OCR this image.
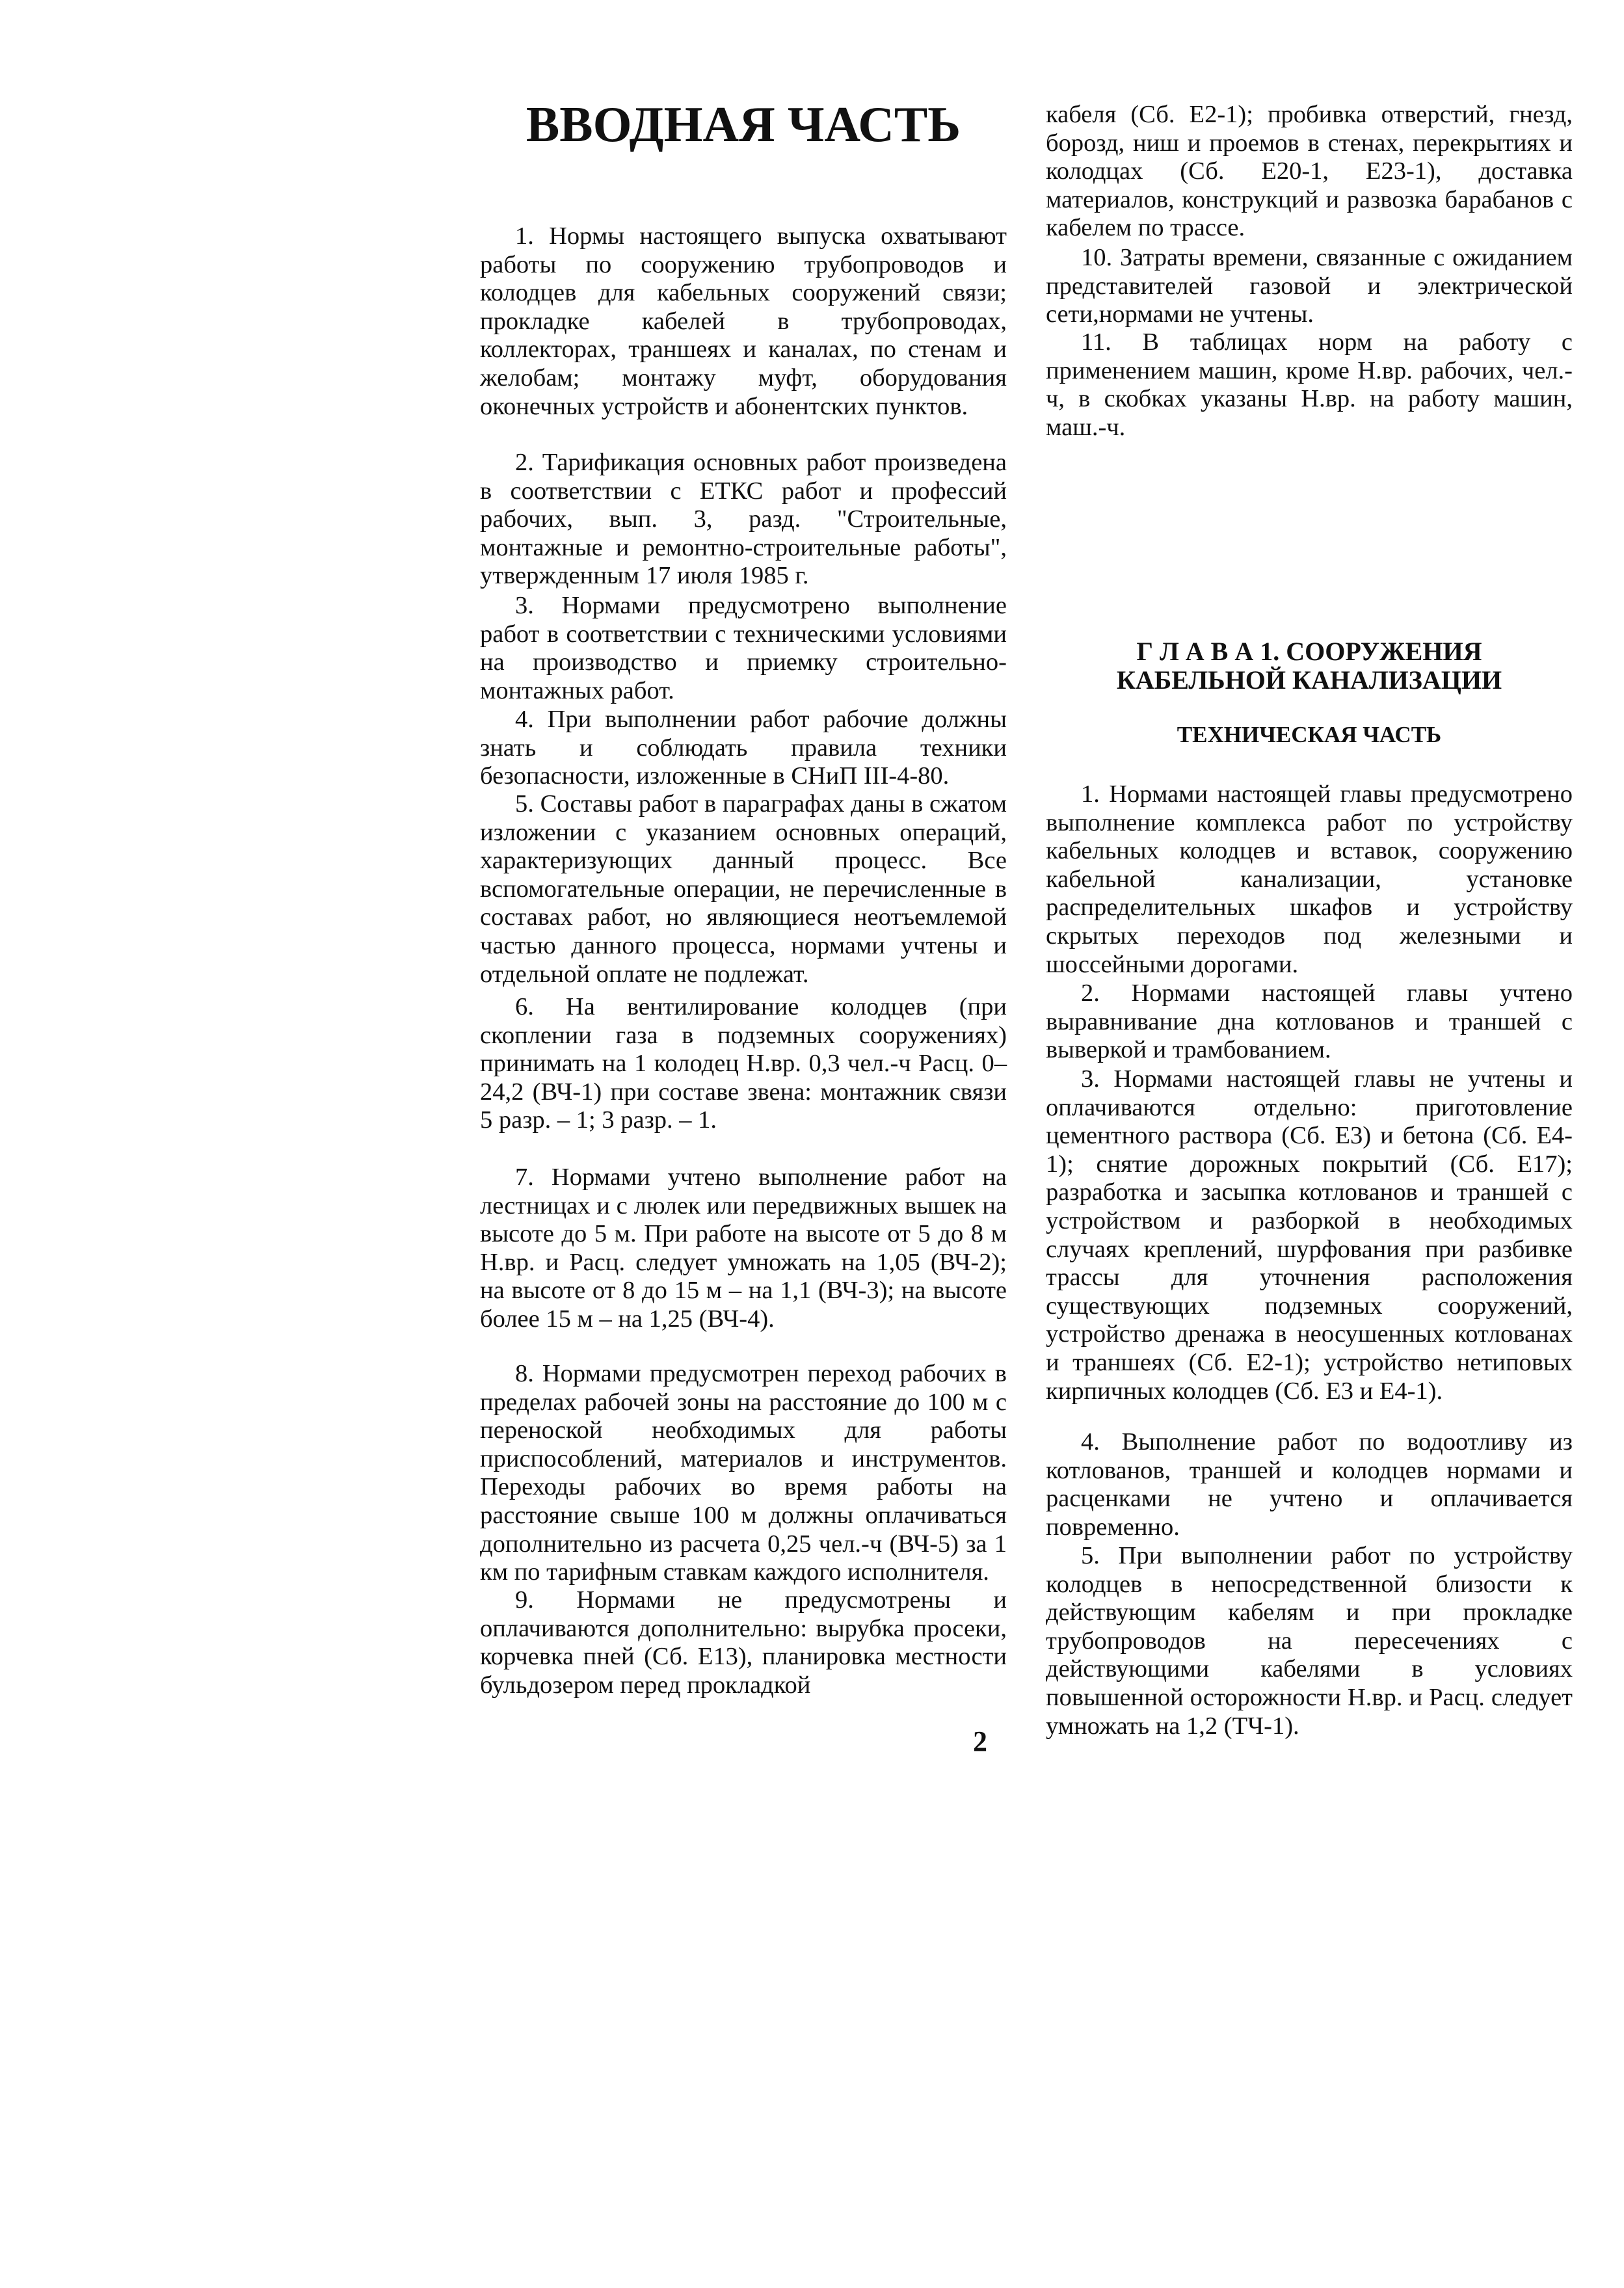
ВВОДНАЯ ЧАСТЬ

1. Нормы настоящего выпуска охватывают работы по сооружению трубопроводов и колодцев для кабельных сооружений связи; прокладке кабелей в трубопроводах, коллекторах, траншеях и каналах, по стенам и желобам; монтажу муфт, оборудования оконечных устройств и абонентских пунктов.

2. Тарификация основных работ произведена в соответствии с ЕТКС работ и профессий рабочих, вып. 3, разд. "Строительные, монтажные и ремонтно-строительные работы", утвержденным 17 июля 1985 г.

3. Нормами предусмотрено выполнение работ в соответствии с техническими условиями на производство и приемку строительно-монтажных работ.

4. При выполнении работ рабочие должны знать и соблюдать правила техники безопасности, изложенные в СНиП III-4-80.

5. Составы работ в параграфах даны в сжатом изложении с указанием основных операций, характеризующих данный процесс. Все вспомогательные операции, не перечисленные в составах работ, но являющиеся неотъемлемой частью данного процесса, нормами учтены и отдельной оплате не подлежат.

6. На вентилирование колодцев (при скоплении газа в подземных сооружениях) принимать на 1 колодец Н.вр. 0,3 чел.-ч Расц. 0–24,2 (ВЧ-1) при составе звена: монтажник связи 5 разр. – 1; 3 разр. – 1.

7. Нормами учтено выполнение работ на лестницах и с люлек или передвижных вышек на высоте до 5 м. При работе на высоте от 5 до 8 м Н.вр. и Расц. следует умножать на 1,05 (ВЧ-2); на высоте от 8 до 15 м – на 1,1 (ВЧ-3); на высоте более 15 м – на 1,25 (ВЧ-4).

8. Нормами предусмотрен переход рабочих в пределах рабочей зоны на расстояние до 100 м с переноской необходимых для работы приспособлений, материалов и инструментов. Переходы рабочих во время работы на расстояние свыше 100 м должны оплачиваться дополнительно из расчета 0,25 чел.-ч (ВЧ-5) за 1 км по тарифным ставкам каждого исполнителя.

9. Нормами не предусмотрены и оплачиваются дополнительно: вырубка просеки, корчевка пней (Сб. Е13), планировка местности бульдозером перед прокладкой

2

кабеля (Сб. Е2-1); пробивка отверстий, гнезд, борозд, ниш и проемов в стенах, перекрытиях и колодцах (Сб. Е20-1, Е23-1), доставка материалов, конструкций и развозка барабанов с кабелем по трассе.

10. Затраты времени, связанные с ожиданием представителей газовой и электрической сети,нормами не учтены.

11. В таблицах норм на работу с применением машин, кроме Н.вр. рабочих, чел.-ч, в скобках указаны Н.вр. на работу машин, маш.-ч.

Г Л А В А 1. СООРУЖЕНИЯ
КАБЕЛЬНОЙ КАНАЛИЗАЦИИ
ТЕХНИЧЕСКАЯ ЧАСТЬ

1. Нормами настоящей главы предусмотрено выполнение комплекса работ по устройству кабельных колодцев и вставок, сооружению кабельной канализации, установке распределительных шкафов и устройству скрытых переходов под железными и шоссейными дорогами.

2. Нормами настоящей главы учтено выравнивание дна котлованов и траншей с выверкой и трамбованием.

3. Нормами настоящей главы не учтены и оплачиваются отдельно: приготовление цементного раствора (Сб. Е3) и бетона (Сб. Е4-1); снятие дорожных покрытий (Сб. Е17); разработка и засыпка котлованов и траншей с устройством и разборкой в необходимых случаях креплений, шурфования при разбивке трассы для уточнения расположения существующих подземных сооружений, устройство дренажа в неосушенных котлованах и траншеях (Сб. Е2-1); устройство нетиповых кирпичных колодцев (Сб. Е3 и Е4-1).

4. Выполнение работ по водоотливу из котлованов, траншей и колодцев нормами и расценками не учтено и оплачивается повременно.

5. При выполнении работ по устройству колодцев в непосредственной близости к действующим кабелям и при прокладке трубопроводов на пересечениях с действующими кабелями в условиях повышенной осторожности Н.вр. и Расц. следует умножать на 1,2 (ТЧ-1).
